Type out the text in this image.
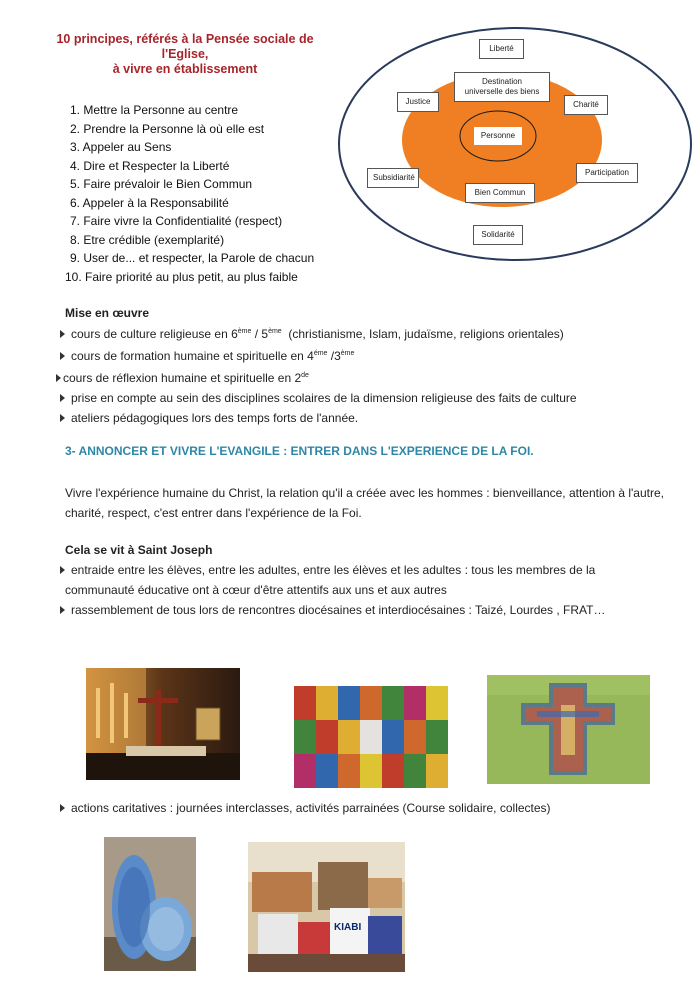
10 principes, référés à la Pensée sociale de
l'Eglise,
à vivre en établissement
1. Mettre la Personne au centre
2. Prendre la Personne là où elle est
3. Appeler au Sens
4. Dire et Respecter la Liberté
5. Faire prévaloir le Bien Commun
6. Appeler à la Responsabilité
7. Faire vivre la Confidentialité (respect)
8. Etre crédible (exemplarité)
9. User de... et respecter, la Parole de chacun
10. Faire priorité au plus petit, au plus faible
Liberté
Destination
universelle des biens
Justice	Charité
Personne
Participation
Subsidiarité
Bien Commun
Solidarité
Mise en œuvre
cours de culture religieuse en 6ème / 5ème  (christianisme, Islam, judaïsme, religions orientales)
cours de formation humaine et spirituelle en $4^{éme}$ /3ème
cours de réflexion humaine et spirituelle en 2de
prise en compte au sein des disciplines scolaires de la dimension religieuse des faits de culture
ateliers pédagogiques lors des temps forts de l'année.
3- ANNONCER ET VIVRE L'EVANGILE : ENTRER DANS L'EXPERIENCE DE LA FOI.
Vivre l'expérience humaine du Christ, la relation qu'il a créée avec les hommes : bienveillance, attention à l'autre,
charité, respect, c'est entrer dans l'expérience de la Foi.
Cela se vit à Saint Joseph
entraide entre les élèves, entre les adultes, entre les élèves et les adultes : tous les membres de la
communauté éducative ont à cœur d'être attentifs aux uns et aux autres
rassemblement de tous lors de rencontres diocésaines et interdiocésaines : Taizé, Lourdes , FRAT…
actions caritatives : journées interclasses, activités parrainées (Course solidaire, collectes)
KIABI
